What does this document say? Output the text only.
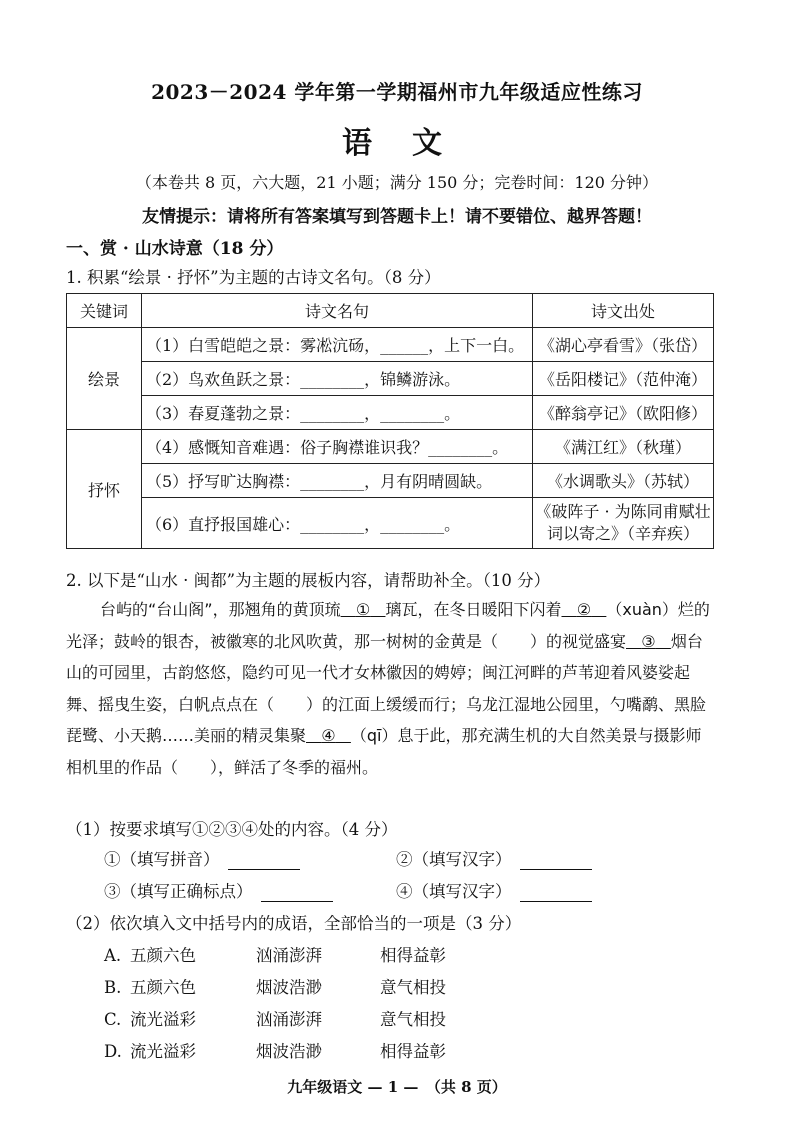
2023－2024 学年第一学期福州市九年级适应性练习
语文
（本卷共 8 页，六大题，21 小题；满分 150 分；完卷时间：120 分钟）
友情提示：请将所有答案填写到答题卡上！请不要错位、越界答题！
一、赏 · 山水诗意（18 分）
1. 积累“绘景 · 抒怀”为主题的古诗文名句。（8 分）
关键词	诗文名句	诗文出处
绘景	（1）白雪皑皑之景：雾凇沆砀，______，上下一白。	《湖心亭看雪》（张岱）
	（2）鸟欢鱼跃之景：________，锦鳞游泳。	《岳阳楼记》（范仲淹）
	（3）春夏蓬勃之景：________，________。	《醉翁亭记》（欧阳修）
抒怀	（4）感慨知音难遇：俗子胸襟谁识我？________。	《满江红》（秋瑾）
	（5）抒写旷达胸襟：________，月有阴晴圆缺。	《水调歌头》（苏轼）
	（6）直抒报国雄心：________，________。	《破阵子 · 为陈同甫赋壮词以寄之》（辛弃疾）
2. 以下是“山水 · 闽都”为主题的展板内容，请帮助补全。（10 分）
台屿的“台山阁”，那翘角的黄顶琉 ① 璃瓦，在冬日暖阳下闪着 ② （xuàn）烂的光泽；鼓岭的银杏，被徽寒的北风吹黄，那一树树的金黄是（　　）的视觉盛宴 ③ 烟台山的可园里，古韵悠悠，隐约可见一代才女林徽因的娉婷；闽江河畔的芦苇迎着风婆娑起舞、摇曳生姿，白帆点点在（　　）的江面上缓缓而行；乌龙江湿地公园里，勺嘴鹬、黑脸琵鹭、小天鹅……美丽的精灵集聚 ④ （qī）息于此，那充满生机的大自然美景与摄影师相机里的作品（　　），鲜活了冬季的福州。
（1）按要求填写①②③④处的内容。（4 分）
①（填写拼音）	②（填写汉字）
③（填写正确标点）	④（填写汉字）
（2）依次填入文中括号内的成语，全部恰当的一项是（3 分）
A. 五颜六色	汹涌澎湃	相得益彰
B. 五颜六色	烟波浩渺	意气相投
C. 流光溢彩	汹涌澎湃	意气相投
D. 流光溢彩	烟波浩渺	相得益彰
九年级语文 — 1 —　（共 8 页）
